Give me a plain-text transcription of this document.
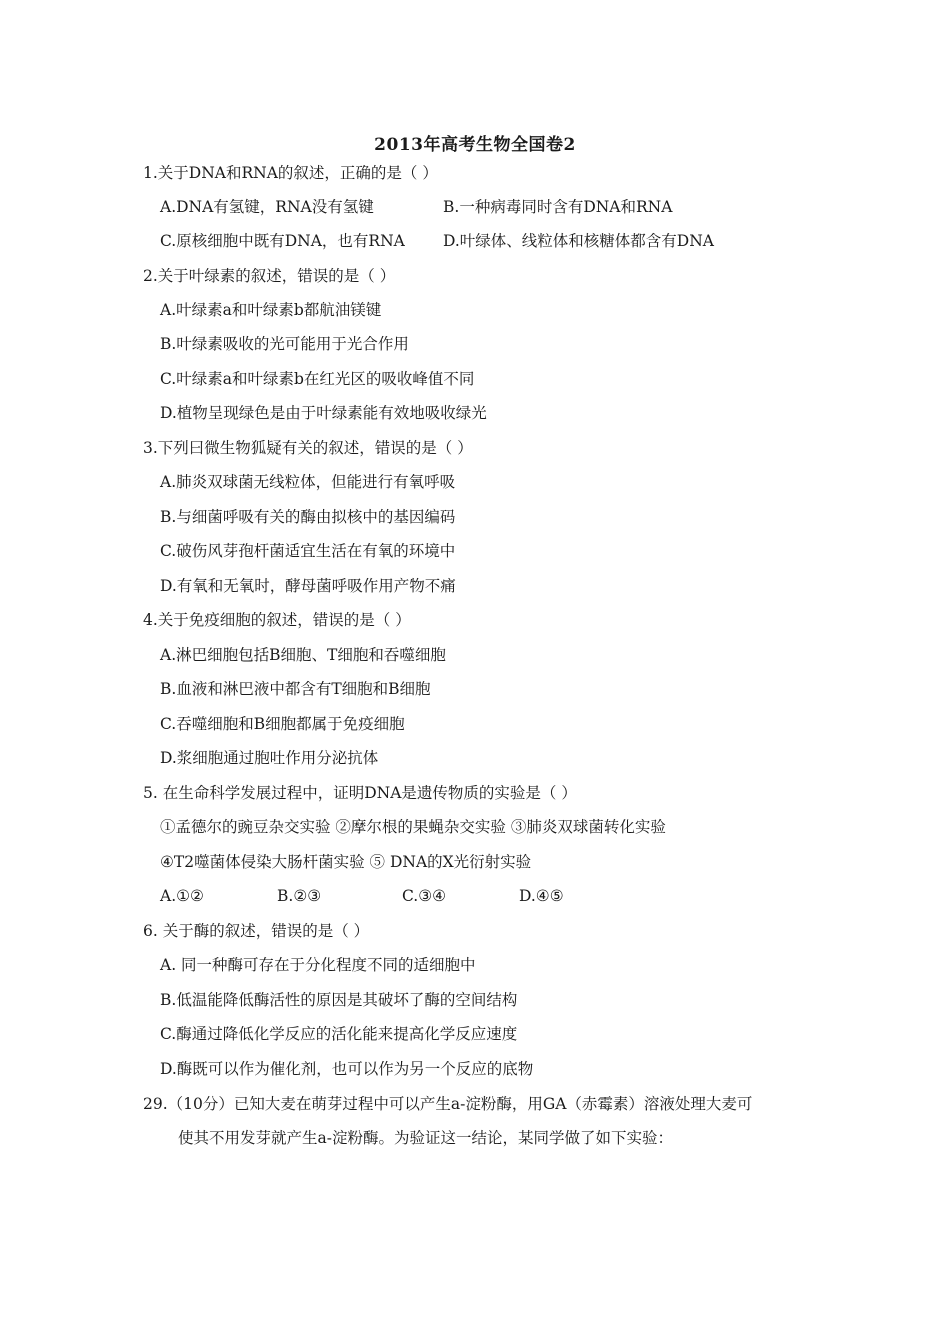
2013年高考生物全国卷2
1.关于DNA和RNA的叙述，正确的是（ ）
A.DNA有氢键，RNA没有氢键	B.一种病毒同时含有DNA和RNA
C.原核细胞中既有DNA，也有RNA D.叶绿体、线粒体和核糖体都含有DNA
2.关于叶绿素的叙述，错误的是（ ）
A.叶绿素a和叶绿素b都航油镁键
B.叶绿素吸收的光可能用于光合作用
C.叶绿素a和叶绿素b在红光区的吸收峰值不同
D.植物呈现绿色是由于叶绿素能有效地吸收绿光
3.下列曰微生物狐疑有关的叙述，错误的是（ ）
A.肺炎双球菌无线粒体，但能进行有氧呼吸
B.与细菌呼吸有关的酶由拟核中的基因编码
C.破伤风芽孢杆菌适宜生活在有氧的环境中
D.有氧和无氧时，酵母菌呼吸作用产物不痛
4.关于免疫细胞的叙述，错误的是（ ）
A.淋巴细胞包括B细胞、T细胞和吞噬细胞
B.血液和淋巴液中都含有T细胞和B细胞
C.吞噬细胞和B细胞都属于免疫细胞
D.浆细胞通过胞吐作用分泌抗体
5. 在生命科学发展过程中，证明DNA是遗传物质的实验是（ ）
①孟德尔的豌豆杂交实验 ②摩尔根的果蝇杂交实验 ③肺炎双球菌转化实验
④T2噬菌体侵染大肠杆菌实验 ⑤ DNA的X光衍射实验
A.①②	B.②③	C.③④	D.④⑤
6. 关于酶的叙述，错误的是（ ）
A. 同一种酶可存在于分化程度不同的适细胞中
B.低温能降低酶活性的原因是其破坏了酶的空间结构
C.酶通过降低化学反应的活化能来提高化学反应速度
D.酶既可以作为催化剂，也可以作为另一个反应的底物
29.（10分）已知大麦在萌芽过程中可以产生a-淀粉酶，用GA（赤霉素）溶液处理大麦可
使其不用发芽就产生a-淀粉酶。为验证这一结论，某同学做了如下实验：
